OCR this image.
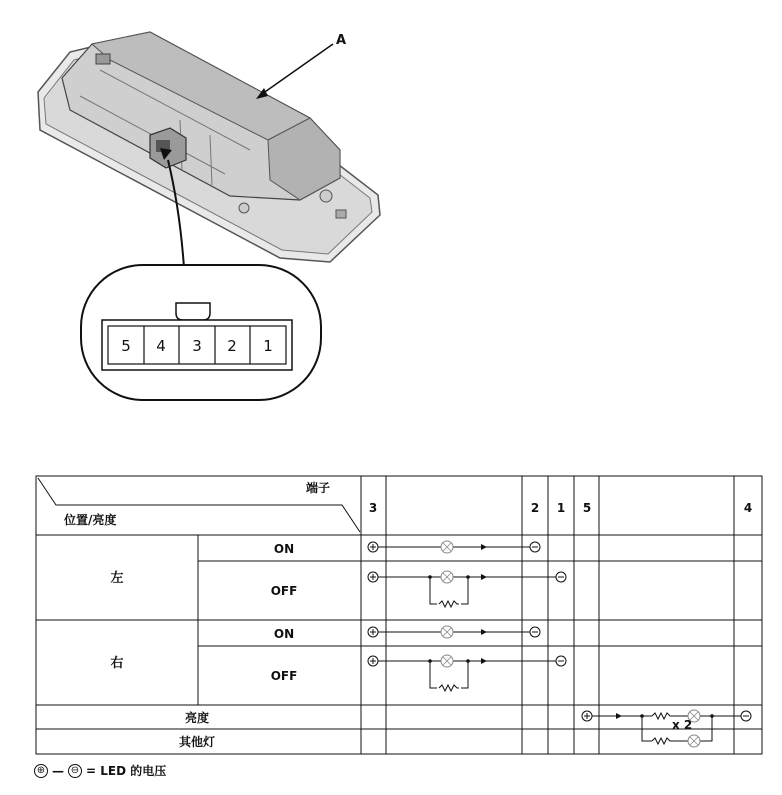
A
5 4 3 2 1
端子
位置/亮度
3	2 1 5	4
左
右
ON
OFF
ON
OFF
亮度
其他灯
x 2
⊕ — ⊖ = LED 的电压
